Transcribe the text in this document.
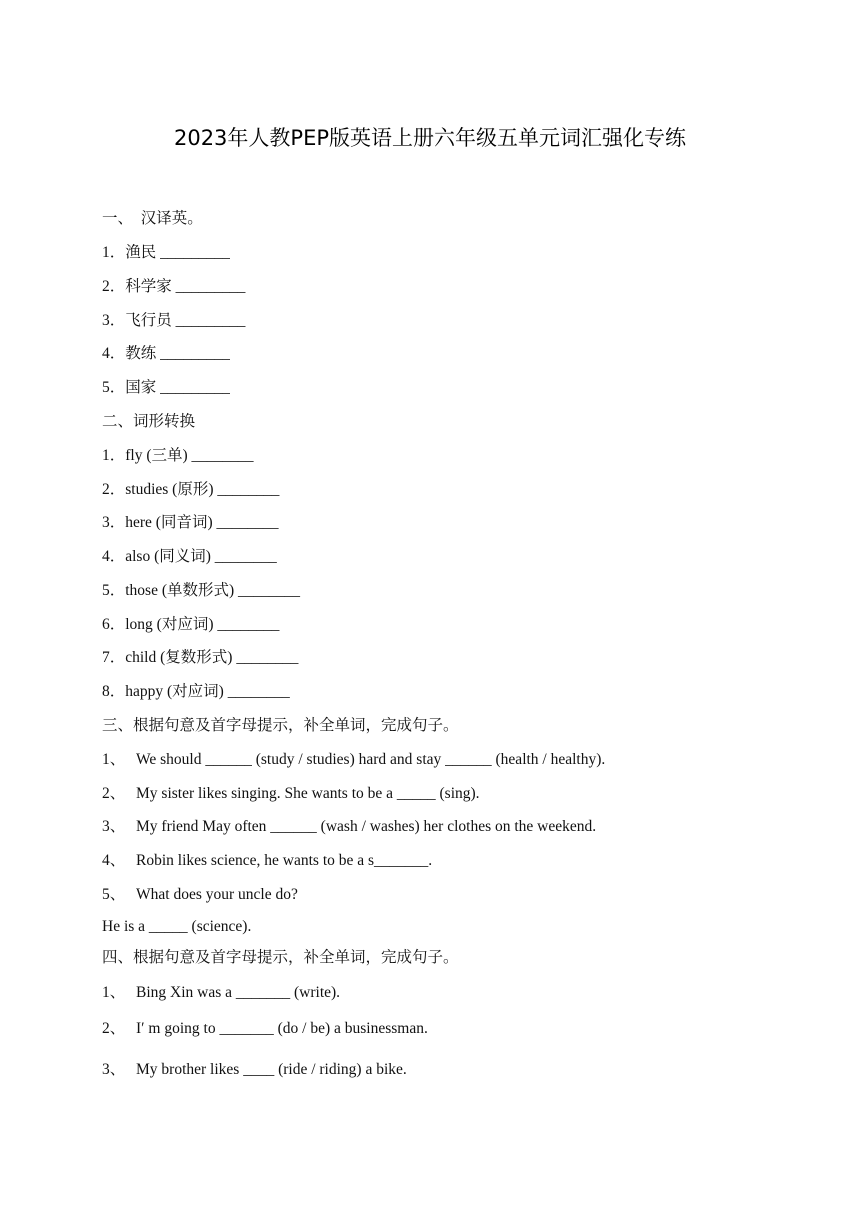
2023年人教PEP版英语上册六年级五单元词汇强化专练
一、  汉译英。
1．渔民 _________
2．科学家 _________
3．飞行员 _________
4．教练 _________
5．国家 _________
二、词形转换
1．fly (三单) ________
2．studies (原形) ________
3．here (同音词) ________
4．also (同义词) ________
5．those (单数形式) ________
6．long (对应词) ________
7．child (复数形式) ________
8．happy (对应词) ________
三、根据句意及首字母提示，补全单词，完成句子。
1、 We should ______ (study / studies) hard and stay ______ (health / healthy).
2、 My sister likes singing. She wants to be a _____ (sing).
3、 My friend May often ______ (wash / washes) her clothes on the weekend.
4、 Robin likes science, he wants to be a s_______.
5、 What does your uncle do?
He is a _____ (science).
四、根据句意及首字母提示，补全单词，完成句子。
1、 Bing Xin was a _______ (write).
2、 I′ m going to _______ (do / be) a businessman.
3、 My brother likes ____ (ride / riding) a bike.
